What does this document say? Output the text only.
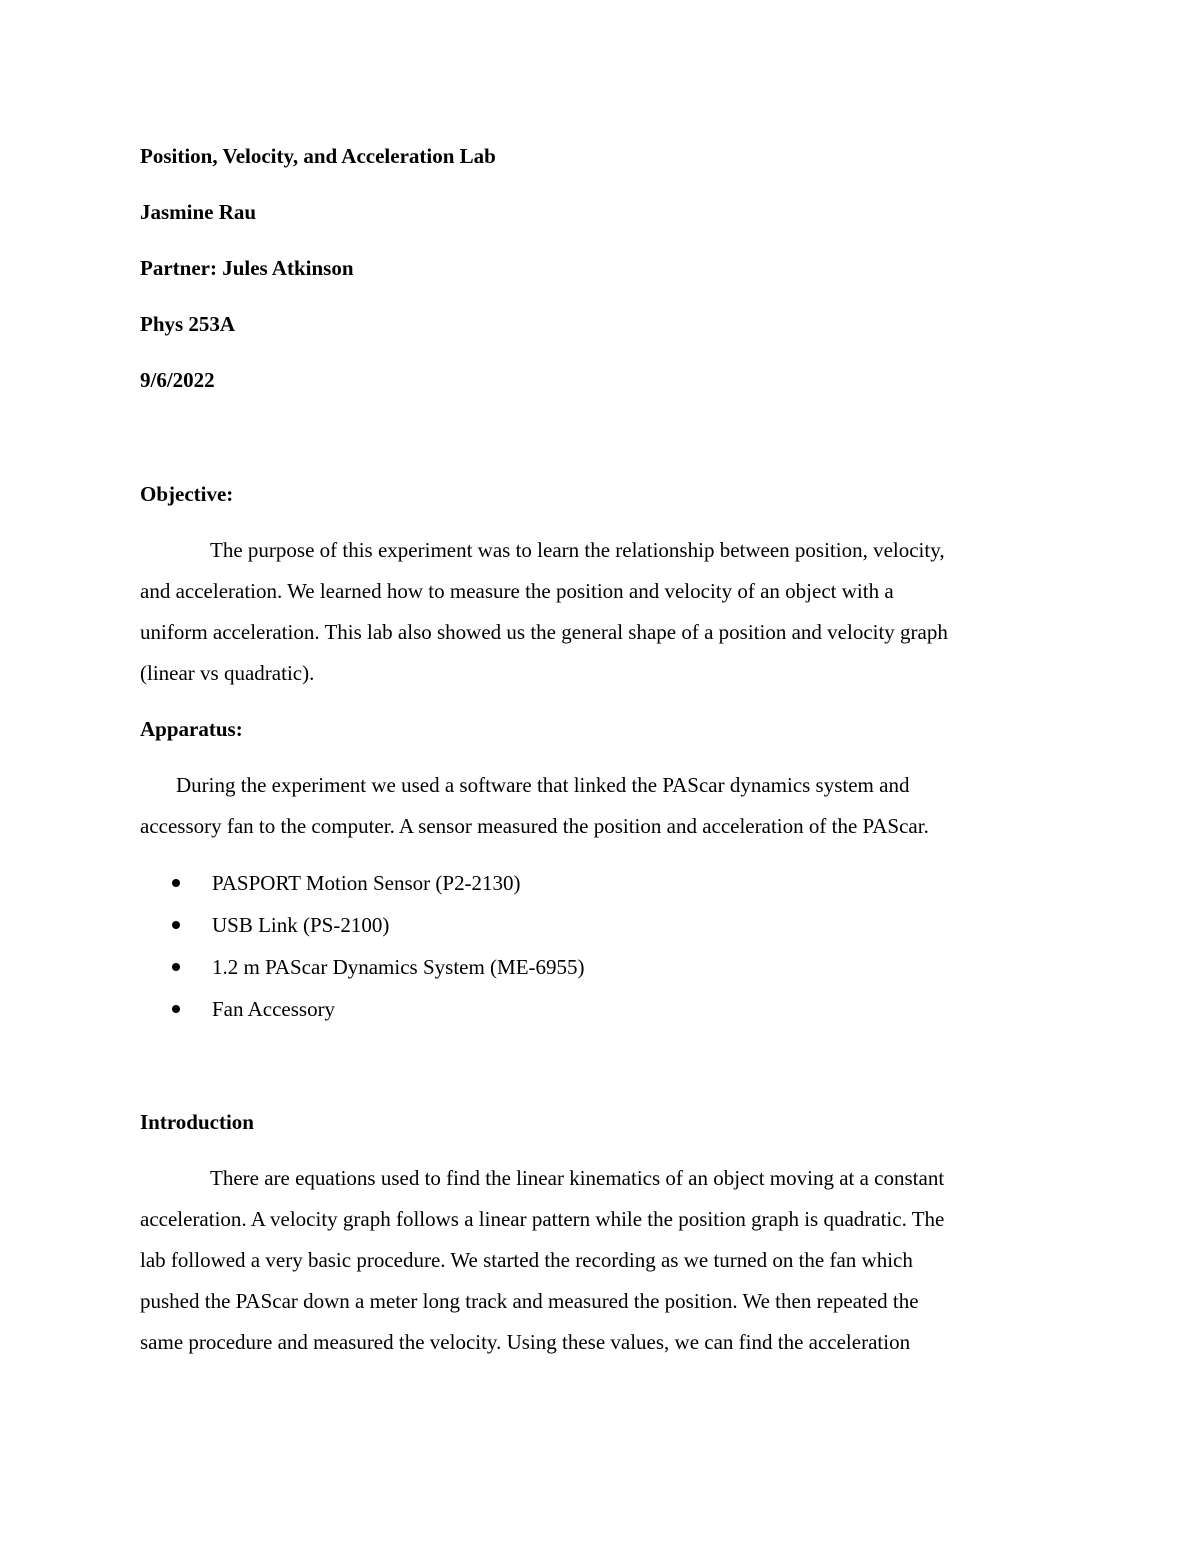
Position, Velocity, and Acceleration Lab
Jasmine Rau
Partner: Jules Atkinson
Phys 253A
9/6/2022
Objective:
The purpose of this experiment was to learn the relationship between position, velocity,
and acceleration. We learned how to measure the position and velocity of an object with a
uniform acceleration. This lab also showed us the general shape of a position and velocity graph
(linear vs quadratic).
Apparatus:
During the experiment we used a software that linked the PAScar dynamics system and
accessory fan to the computer. A sensor measured the position and acceleration of the PAScar.
PASPORT Motion Sensor (P2-2130)
USB Link (PS-2100)
1.2 m PAScar Dynamics System (ME-6955)
Fan Accessory
Introduction
There are equations used to find the linear kinematics of an object moving at a constant
acceleration. A velocity graph follows a linear pattern while the position graph is quadratic. The
lab followed a very basic procedure. We started the recording as we turned on the fan which
pushed the PAScar down a meter long track and measured the position. We then repeated the
same procedure and measured the velocity. Using these values, we can find the acceleration
